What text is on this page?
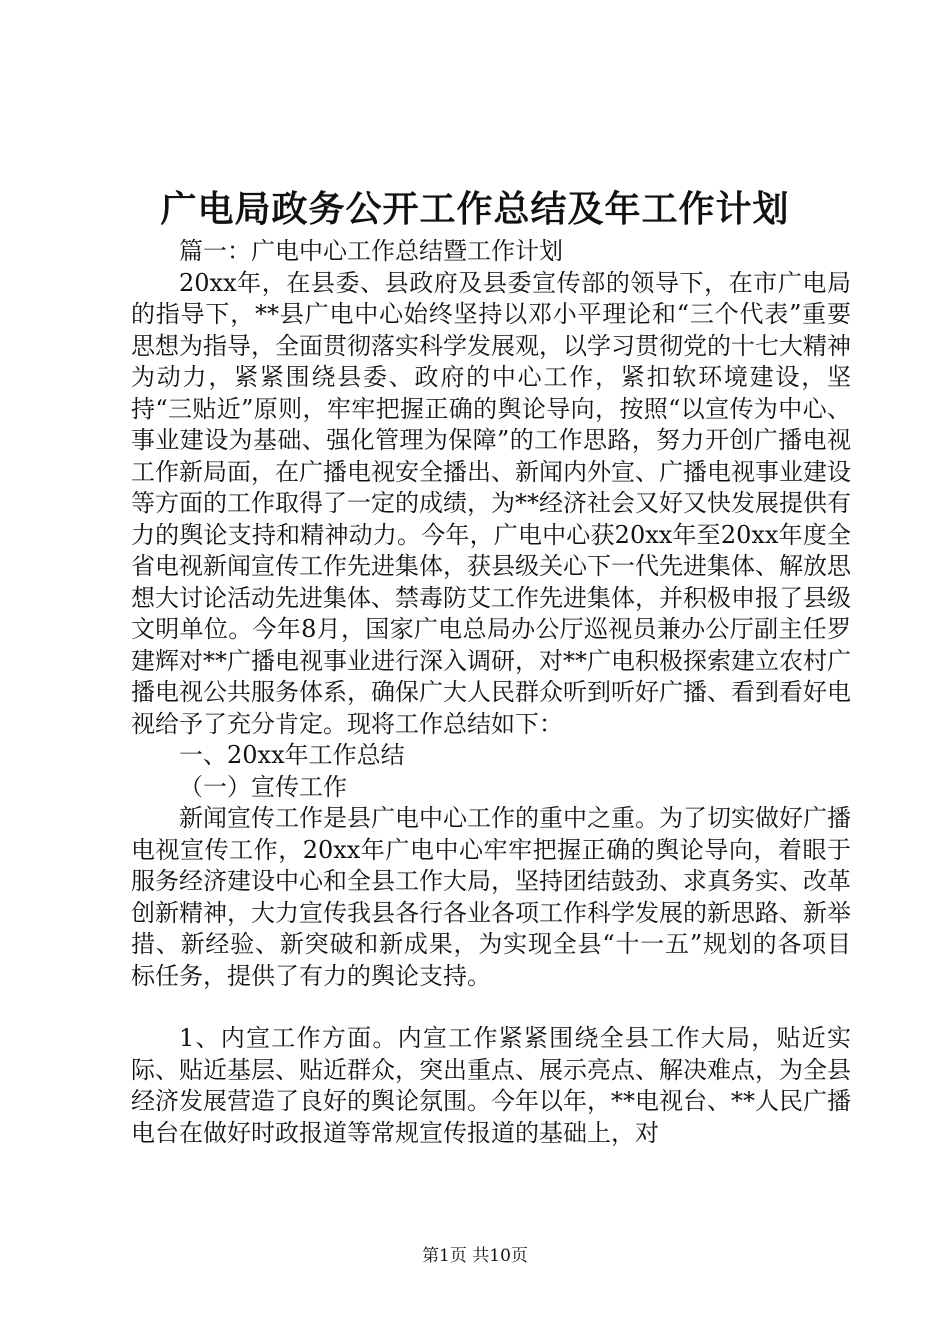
广电局政务公开工作总结及年工作计划

篇一：广电中心工作总结暨工作计划

20xx年，在县委、县政府及县委宣传部的领导下，在市广电局的指导下，**县广电中心始终坚持以邓小平理论和“三个代表”重要思想为指导，全面贯彻落实科学发展观，以学习贯彻党的十七大精神为动力，紧紧围绕县委、政府的中心工作，紧扣软环境建设，坚持“三贴近”原则，牢牢把握正确的舆论导向，按照“以宣传为中心、事业建设为基础、强化管理为保障”的工作思路，努力开创广播电视工作新局面，在广播电视安全播出、新闻内外宣、广播电视事业建设等方面的工作取得了一定的成绩，为**经济社会又好又快发展提供有力的舆论支持和精神动力。今年，广电中心获20xx年至20xx年度全省电视新闻宣传工作先进集体，获县级关心下一代先进集体、解放思想大讨论活动先进集体、禁毒防艾工作先进集体，并积极申报了县级文明单位。今年8月，国家广电总局办公厅巡视员兼办公厅副主任罗建辉对**广播电视事业进行深入调研，对**广电积极探索建立农村广播电视公共服务体系，确保广大人民群众听到听好广播、看到看好电视给予了充分肯定。现将工作总结如下：

一、20xx年工作总结

（一）宣传工作

新闻宣传工作是县广电中心工作的重中之重。为了切实做好广播电视宣传工作，20xx年广电中心牢牢把握正确的舆论导向，着眼于服务经济建设中心和全县工作大局，坚持团结鼓劲、求真务实、改革创新精神，大力宣传我县各行各业各项工作科学发展的新思路、新举措、新经验、新突破和新成果，为实现全县“十一五”规划的各项目标任务，提供了有力的舆论支持。

1、内宣工作方面。内宣工作紧紧围绕全县工作大局，贴近实际、贴近基层、贴近群众，突出重点、展示亮点、解决难点，为全县经济发展营造了良好的舆论氛围。今年以年，**电视台、**人民广播电台在做好时政报道等常规宣传报道的基础上，对

第1页 共10页
